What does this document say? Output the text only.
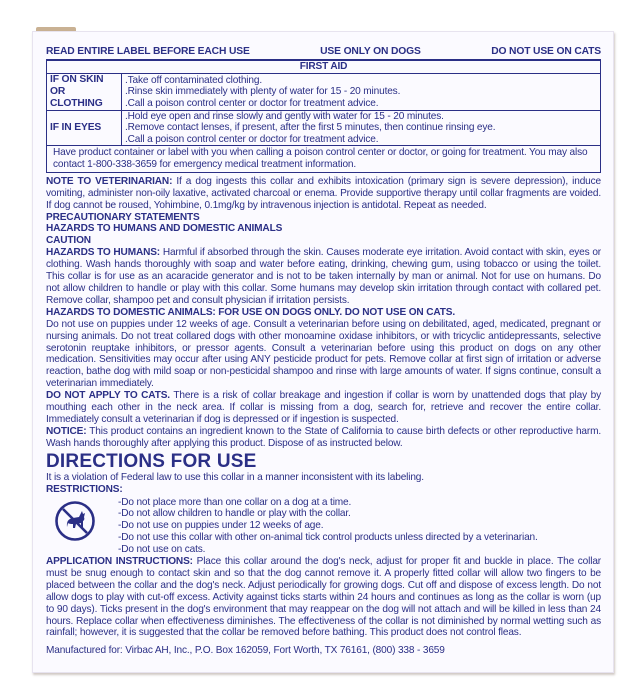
READ ENTIRE LABEL BEFORE EACH USE	USE ONLY ON DOGS	DO NOT USE ON CATS
FIRST AID	
IF ON SKIN OR CLOTHING	.Take off contaminated clothing.
.Rinse skin immediately with plenty of water for 15 - 20 minutes.
.Call a poison control center or doctor for treatment advice.

IF IN EYES	.Hold eye open and rinse slowly and gently with water for 15 - 20 minutes.
.Remove contact lenses, if present, after the first 5 minutes, then continue rinsing eye.
.Call a poison control center or doctor for treatment advice.

Have product container or label with you when calling a poison control center or doctor, or going for treatment. You may also contact 1-800-338-3659 for emergency medical treatment information.	

NOTE TO VETERINARIAN: If a dog ingests this collar and exhibits intoxication (primary sign is severe depression), induce vomiting, administer non-oily laxative, activated charcoal or enema. Provide supportive therapy until collar fragments are voided. If dog cannot be roused, Yohimbine, 0.1mg/kg by intravenous injection is antidotal. Repeat as needed.

PRECAUTIONARY STATEMENTS
HAZARDS TO HUMANS AND DOMESTIC ANIMALS
CAUTION

HAZARDS TO HUMANS: Harmful if absorbed through the skin. Causes moderate eye irritation. Avoid contact with skin, eyes or clothing. Wash hands thoroughly with soap and water before eating, drinking, chewing gum, using tobacco or using the toilet. This collar is for use as an acaracide generator and is not to be taken internally by man or animal. Not for use on humans. Do not allow children to handle or play with this collar. Some humans may develop skin irritation through contact with collared pet. Remove collar, shampoo pet and consult physician if irritation persists.

HAZARDS TO DOMESTIC ANIMALS: FOR USE ON DOGS ONLY. DO NOT USE ON CATS.

Do not use on puppies under 12 weeks of age. Consult a veterinarian before using on debilitated, aged, medicated, pregnant or nursing animals. Do not treat collared dogs with other monoamine oxidase inhibitors, or with tricyclic antidepressants, selective serotonin reuptake inhibitors, or pressor agents. Consult a veterinarian before using this product on dogs on any other medication. Sensitivities may occur after using ANY pesticide product for pets. Remove collar at first sign of irritation or adverse reaction, bathe dog with mild soap or non-pesticidal shampoo and rinse with large amounts of water. If signs continue, consult a veterinarian immediately.

DO NOT APPLY TO CATS. There is a risk of collar breakage and ingestion if collar is worn by unattended dogs that play by mouthing each other in the neck area. If collar is missing from a dog, search for, retrieve and recover the entire collar. Immediately consult a veterinarian if dog is depressed or if ingestion is suspected.

NOTICE: This product contains an ingredient known to the State of California to cause birth defects or other reproductive harm. Wash hands thoroughly after applying this product. Dispose of as instructed below.

DIRECTIONS FOR USE
It is a violation of Federal law to use this collar in a manner inconsistent with its labeling.
RESTRICTIONS:
-Do not place more than one collar on a dog at a time.
-Do not allow children to handle or play with the collar.
-Do not use on puppies under 12 weeks of age.
-Do not use this collar with other on-animal tick control products unless directed by a veterinarian.
-Do not use on cats.

APPLICATION INSTRUCTIONS: Place this collar around the dog's neck, adjust for proper fit and buckle in place. The collar must be snug enough to contact skin and so that the dog cannot remove it. A properly fitted collar will allow two fingers to be placed between the collar and the dog's neck. Adjust periodically for growing dogs. Cut off and dispose of excess length. Do not allow dogs to play with cut-off excess. Activity against ticks starts within 24 hours and continues as long as the collar is worn (up to 90 days). Ticks present in the dog's environment that may reappear on the dog will not attach and will be killed in less than 24 hours. Replace collar when effectiveness diminishes. The effectiveness of the collar is not diminished by normal wetting such as rainfall; however, it is suggested that the collar be removed before bathing. This product does not control fleas.

Manufactured for: Virbac AH, Inc., P.O. Box 162059, Fort Worth, TX 76161, (800) 338 - 3659
